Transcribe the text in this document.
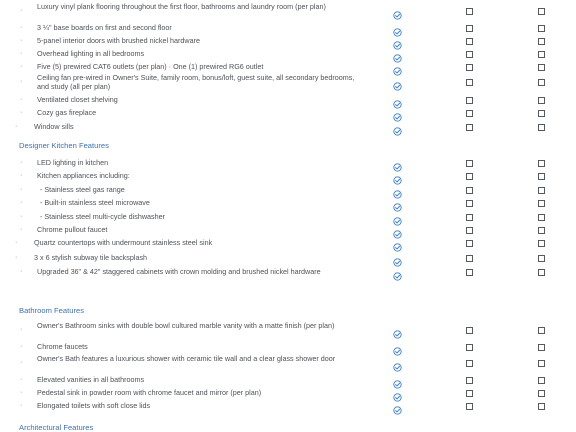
· Luxury vinyl plank flooring throughout the first floor, bathrooms and laundry room (per plan)
· 3 ¼" base boards on first and second floor
· 5-panel interior doors with brushed nickel hardware
· Overhead lighting in all bedrooms
· Five (5) prewired CAT6 outlets (per plan) · One (1) prewired RG6 outlet
· Ceiling fan pre-wired in Owner's Suite, family room, bonus/loft, guest suite, all secondary bedrooms, and study (all per plan)
· Ventilated closet shelving
· Cozy gas fireplace
· Window sills
Designer Kitchen Features
· LED lighting in kitchen
· Kitchen appliances including:
· - Stainless steel gas range
· - Built-in stainless steel microwave
· - Stainless steel multi-cycle dishwasher
· Chrome pullout faucet
· Quartz countertops with undermount stainless steel sink
· 3 x 6 stylish subway tile backsplash
· Upgraded 36" & 42" staggered cabinets with crown molding and brushed nickel hardware
Bathroom Features
· Owner's Bathroom sinks with double bowl cultured marble vanity with a matte finish (per plan)
· Chrome faucets
· Owner's Bath features a luxurious shower with ceramic tile wall and a clear glass shower door
· Elevated vanities in all bathrooms
· Pedestal sink in powder room with chrome faucet and mirror (per plan)
· Elongated toilets with soft close lids
Architectural Features
